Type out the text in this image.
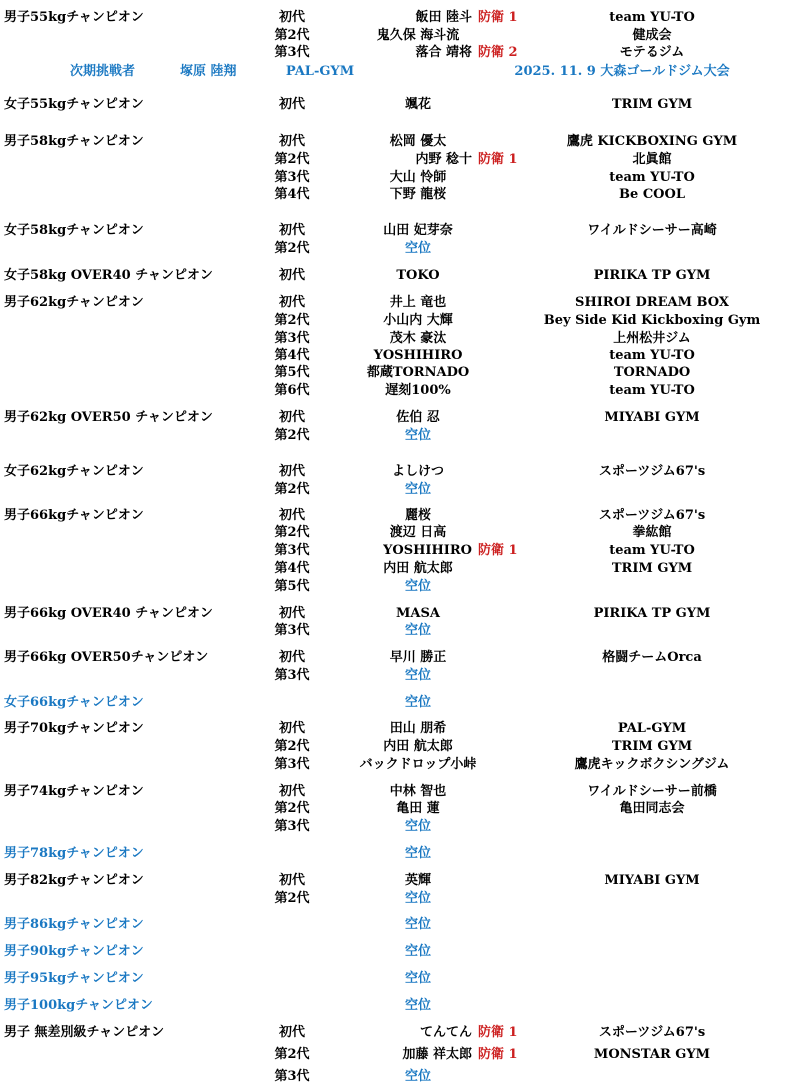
男子55kgチャンピオン	初代	飯田 陸斗 防衛 1	team YU-TO
第2代	鬼久保 海斗流	健成会
第3代	落合 靖将 防衛 2	モテるジム
女子55kgチャンピオン	初代	颯花	TRIM GYM
男子58kgチャンピオン	初代	松岡 優太	鷹虎 KICKBOXING GYM
第2代	内野 稔十 防衛 1	北眞館
第3代	大山 怜師	team YU-TO
第4代	下野 龍桜	Be COOL
女子58kgチャンピオン	初代	山田 妃芽奈	ワイルドシーサー高崎
第2代	空位
女子58kg OVER40 チャンピオン	初代	TOKO	PIRIKA TP GYM
男子62kgチャンピオン	初代	井上 竜也	SHIROI DREAM BOX
第2代	小山内 大輝	Bey Side Kid Kickboxing Gym
第3代	茂木 豪汰	上州松井ジム
第4代	YOSHIHIRO	team YU-TO
第5代	都蔵TORNADO	TORNADO
第6代	遅刻100%	team YU-TO
男子62kg OVER50 チャンピオン	初代	佐伯 忍	MIYABI GYM
第2代	空位
女子62kgチャンピオン	初代	よしけつ	スポーツジム67's
第2代	空位
男子66kgチャンピオン	初代	麗桜	スポーツジム67's
第2代	渡辺 日高	拳紘館
第3代	YOSHIHIRO 防衛 1	team YU-TO
第4代	内田 航太郎	TRIM GYM
第5代	空位
男子66kg OVER40 チャンピオン	初代	MASA	PIRIKA TP GYM
第3代	空位
男子66kg OVER50チャンピオン	初代	早川 勝正	格闘チームOrca
第3代	空位
女子66kgチャンピオン	空位
男子70kgチャンピオン	初代	田山 朋希	PAL-GYM
第2代	内田 航太郎	TRIM GYM
第3代	バックドロップ小峠	鷹虎キックボクシングジム
男子74kgチャンピオン	初代	中林 智也	ワイルドシーサー前橋
第2代	亀田 蓮	亀田同志会
第3代	空位
男子78kgチャンピオン	空位
男子82kgチャンピオン	初代	英輝	MIYABI GYM
第2代	空位
男子86kgチャンピオン	空位
男子90kgチャンピオン	空位
男子95kgチャンピオン	空位
男子100kgチャンピオン	空位
男子 無差別級チャンピオン	初代	てんてん 防衛 1	スポーツジム67's
第2代	加藤 祥太郎 防衛 1	MONSTAR GYM
第3代	空位
次期挑戦者	塚原 陸翔	PAL-GYM	2025. 11. 9 大森ゴールドジム大会
